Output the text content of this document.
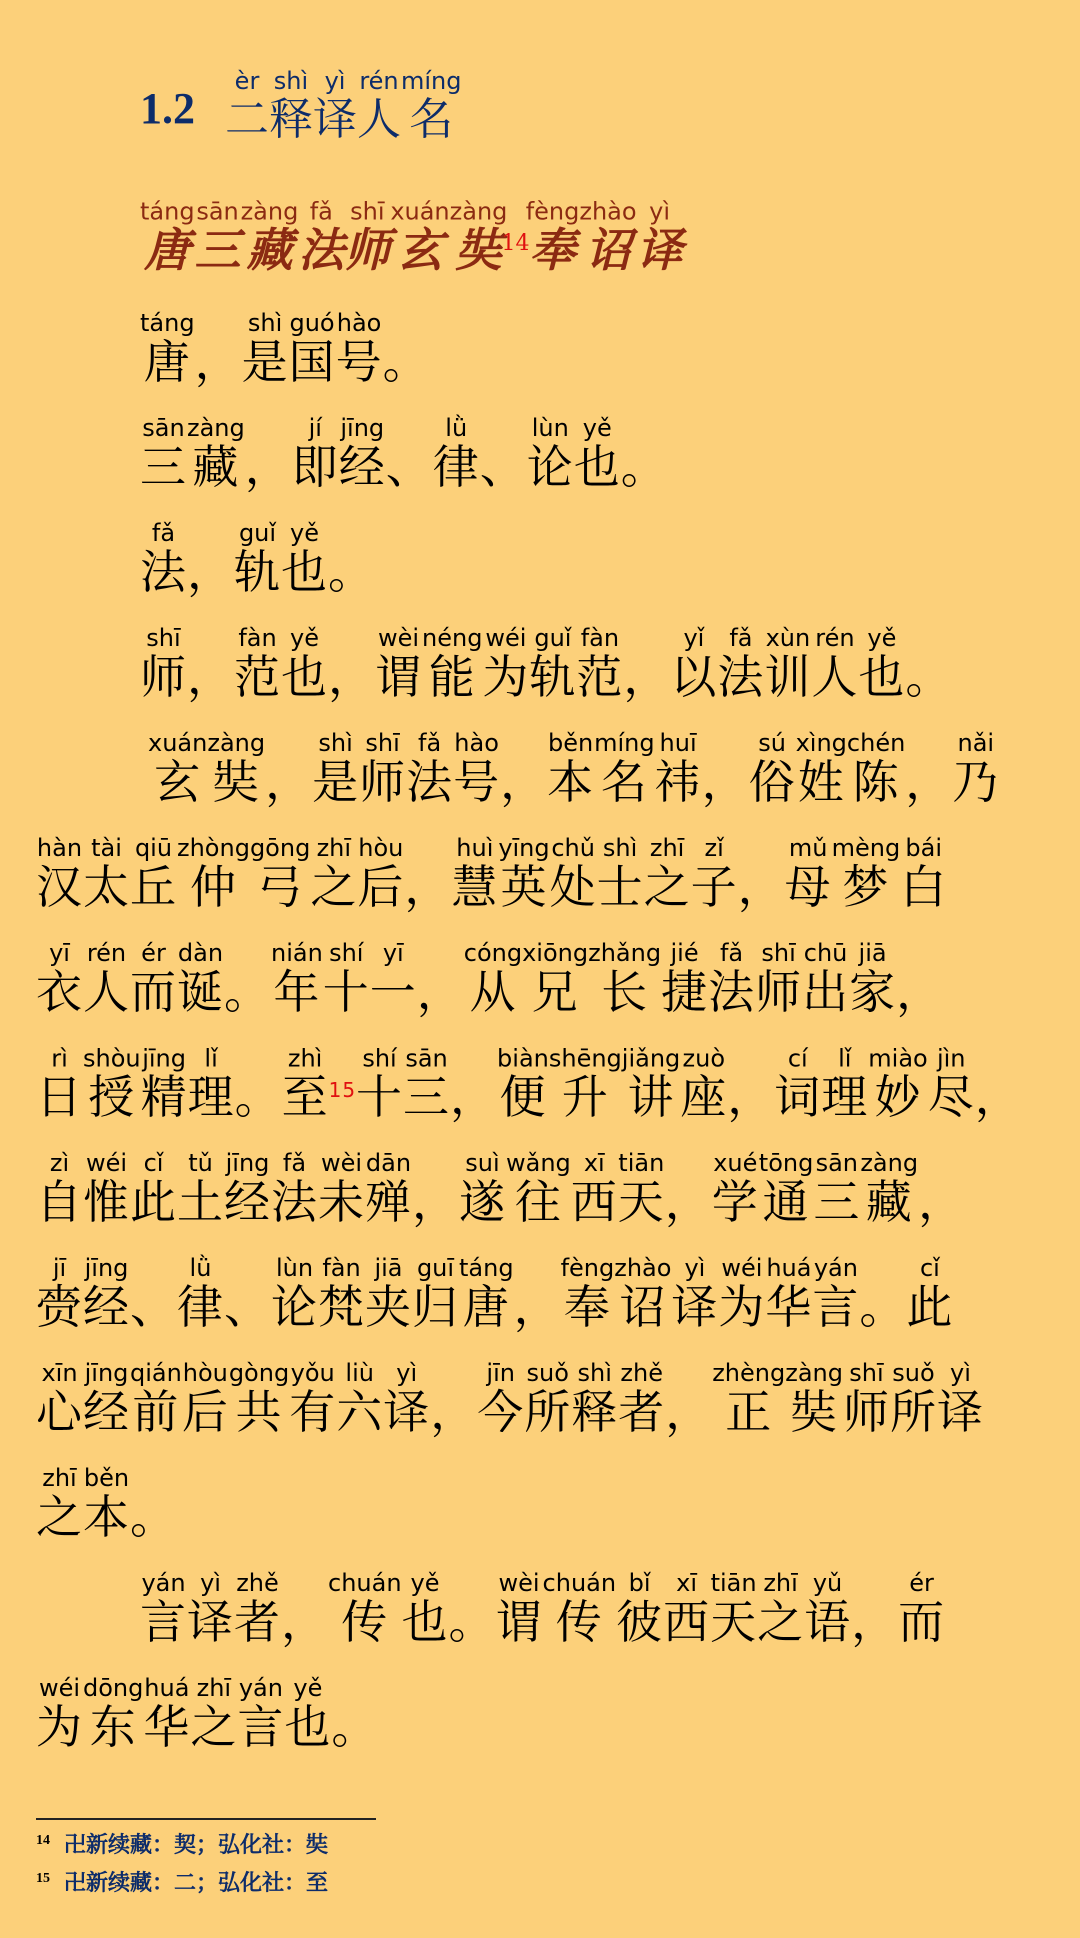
1.2 二èr释shì译yì人rén名míng
唐táng三sān藏zàng法fǎ师shī玄xuán奘zàng$^{14}$奉fèng诏zhào译yì
唐táng， 是shì国guó号hào。
三sān藏zàng， 即jí经jīng、 律lǜ、 论lùn也yě。
法fǎ， 轨guǐ也yě。
师shī， 范fàn也yě， 谓wèi能néng为wéi轨guǐ范fàn， 以yǐ法fǎ训xùn人rén也yě。
玄xuán奘zàng， 是shì师shī法fǎ号hào， 本běn名míng祎huī， 俗sú姓xìng陈chén， 乃nǎi
汉hàn太tài丘qiū仲zhòng弓gōng之zhī后hòu， 慧huì英yīng处chǔ士shì之zhī子zǐ， 母mǔ梦mèng白bái
衣yī人rén而ér诞dàn。 年nián十shí一yī， 从cóng兄xiōng长zhǎng捷jié法fǎ师shī出chū家jiā，
日rì授shòu精jīng理lǐ。 至zhì$^{15}$十shí三sān， 便biàn升shēng讲jiǎng座zuò， 词cí理lǐ妙miào尽jìn，
自zì惟wéi此cǐ土tǔ经jīng法fǎ未wèi殚dān， 遂suì往wǎng西xī天tiān， 学xué通tōng三sān藏zàng，
赍jī经jīng、 律lǜ、 论lùn梵fàn夹jiā归guī唐táng， 奉fèng诏zhào译yì为wéi华huá言yán。 此cǐ
心xīn经jīng前qián后hòu共gòng有yǒu六liù译yì， 今jīn所suǒ释shì者zhě， 正zhèng奘zàng师shī所suǒ译yì
之zhī本běn。
言yán译yì者zhě， 传chuán也yě。 谓wèi传chuán彼bǐ西xī天tiān之zhī语yǔ， 而ér
为wéi东dōng华huá之zhī言yán也yě。
$^{14}$ 卍新续藏：契；弘化社：奘
$^{15}$ 卍新续藏：二；弘化社：至
